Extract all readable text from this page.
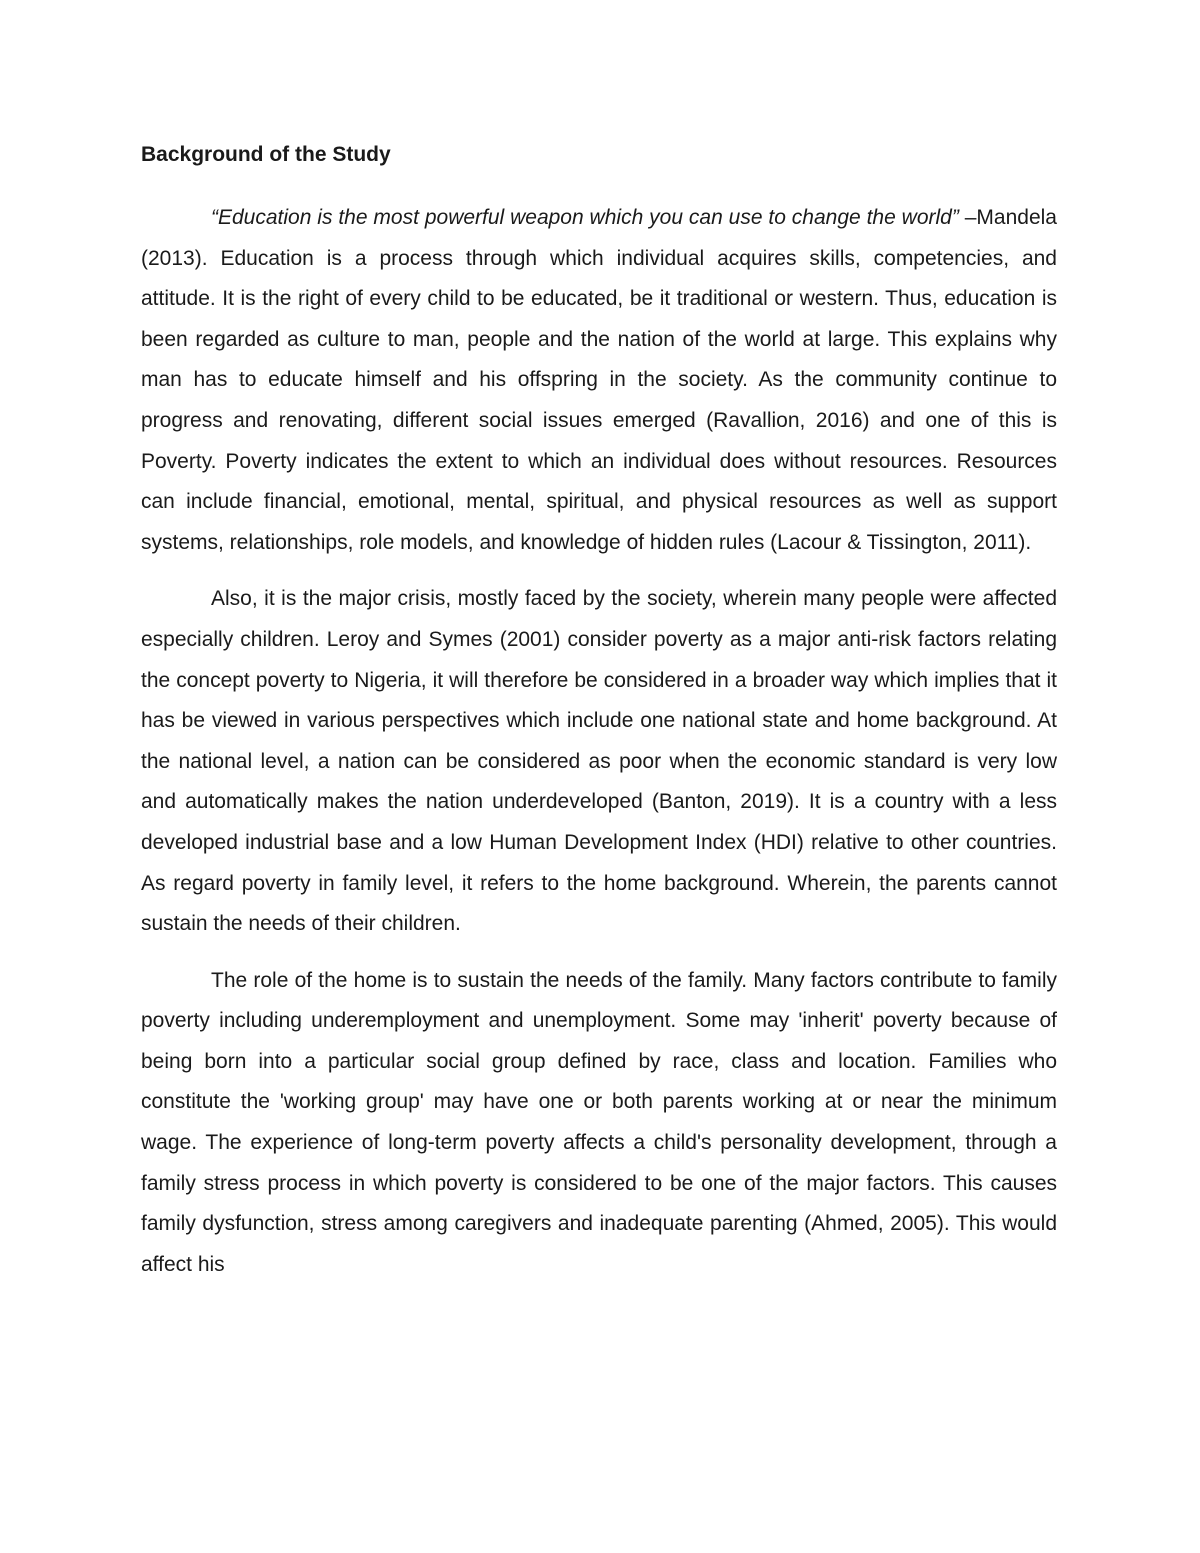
Background of the Study

“Education is the most powerful weapon which you can use to change the world” –Mandela (2013). Education is a process through which individual acquires skills, competencies, and attitude. It is the right of every child to be educated, be it traditional or western. Thus, education is been regarded as culture to man, people and the nation of the world at large. This explains why man has to educate himself and his offspring in the society. As the community continue to progress and renovating, different social issues emerged (Ravallion, 2016) and one of this is Poverty. Poverty indicates the extent to which an individual does without resources. Resources can include financial, emotional, mental, spiritual, and physical resources as well as support systems, relationships, role models, and knowledge of hidden rules (Lacour & Tissington, 2011).

Also, it is the major crisis, mostly faced by the society, wherein many people were affected especially children. Leroy and Symes (2001) consider poverty as a major anti-risk factors relating the concept poverty to Nigeria, it will therefore be considered in a broader way which implies that it has be viewed in various perspectives which include one national state and home background. At the national level, a nation can be considered as poor when the economic standard is very low and automatically makes the nation underdeveloped (Banton, 2019). It is a country with a less developed industrial base and a low Human Development Index (HDI) relative to other countries. As regard poverty in family level, it refers to the home background. Wherein, the parents cannot sustain the needs of their children.

The role of the home is to sustain the needs of the family. Many factors contribute to family poverty including underemployment and unemployment. Some may 'inherit' poverty because of being born into a particular social group defined by race, class and location. Families who constitute the 'working group' may have one or both parents working at or near the minimum wage. The experience of long-term poverty affects a child's personality development, through a family stress process in which poverty is considered to be one of the major factors. This causes family dysfunction, stress among caregivers and inadequate parenting (Ahmed, 2005). This would affect his
